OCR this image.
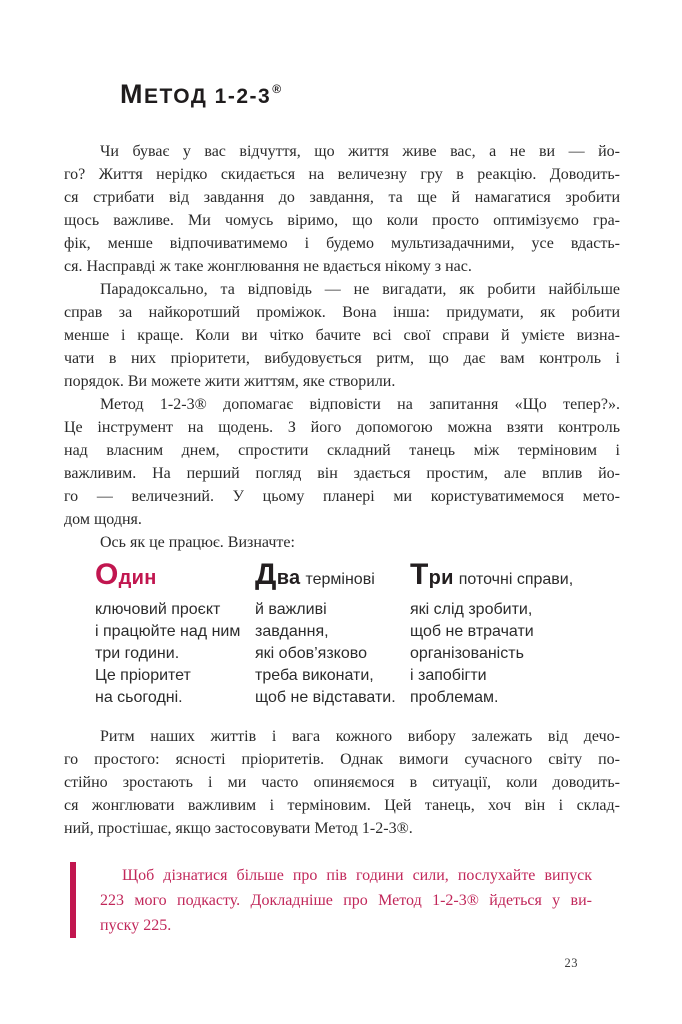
МЕТОД 1-2-3®
Чи буває у вас відчуття, що життя живе вас, а не ви — йо-
го? Життя нерідко скидається на величезну гру в реакцію. Доводить-
ся стрибати від завдання до завдання, та ще й намагатися зробити
щось важливе. Ми чомусь віримо, що коли просто оптимізуємо гра-
фік, менше відпочиватимемо і будемо мультизадачними, усе вдасть-
ся. Насправді ж таке жонглювання не вдається нікому з нас.
Парадоксально, та відповідь — не вигадати, як робити найбільше
справ за найкоротший проміжок. Вона інша: придумати, як робити
менше і краще. Коли ви чітко бачите всі свої справи й умієте визна-
чати в них пріоритети, вибудовується ритм, що дає вам контроль і
порядок. Ви можете жити життям, яке створили.
Метод 1-2-3® допомагає відповісти на запитання «Що тепер?».
Це інструмент на щодень. З його допомогою можна взяти контроль
над власним днем, спростити складний танець між терміновим і
важливим. На перший погляд він здається простим, але вплив йо-
го — величезний. У цьому планері ми користуватимемося мето-
дом щодня.
Ось як це працює. Визначте:
Один
ключовий проєкт
і працюйте над ним
три години.
Це пріоритет
на сьогодні.
Два термінові
й важливі
завдання,
які обов’язково
треба виконати,
щоб не відставати.
Три поточні справи,
які слід зробити,
щоб не втрачати
організованість
і запобігти
проблемам.
Ритм наших життів і вага кожного вибору залежать від дечо-
го простого: ясності пріоритетів. Однак вимоги сучасного світу по-
стійно зростають і ми часто опиняємося в ситуації, коли доводить-
ся жонглювати важливим і терміновим. Цей танець, хоч він і склад-
ний, простішає, якщо застосовувати Метод 1-2-3®.
Щоб дізнатися більше про пів години сили, послухайте випуск
223 мого подкасту. Докладніше про Метод 1-2-3® йдеться у ви-
пуску 225.
23
